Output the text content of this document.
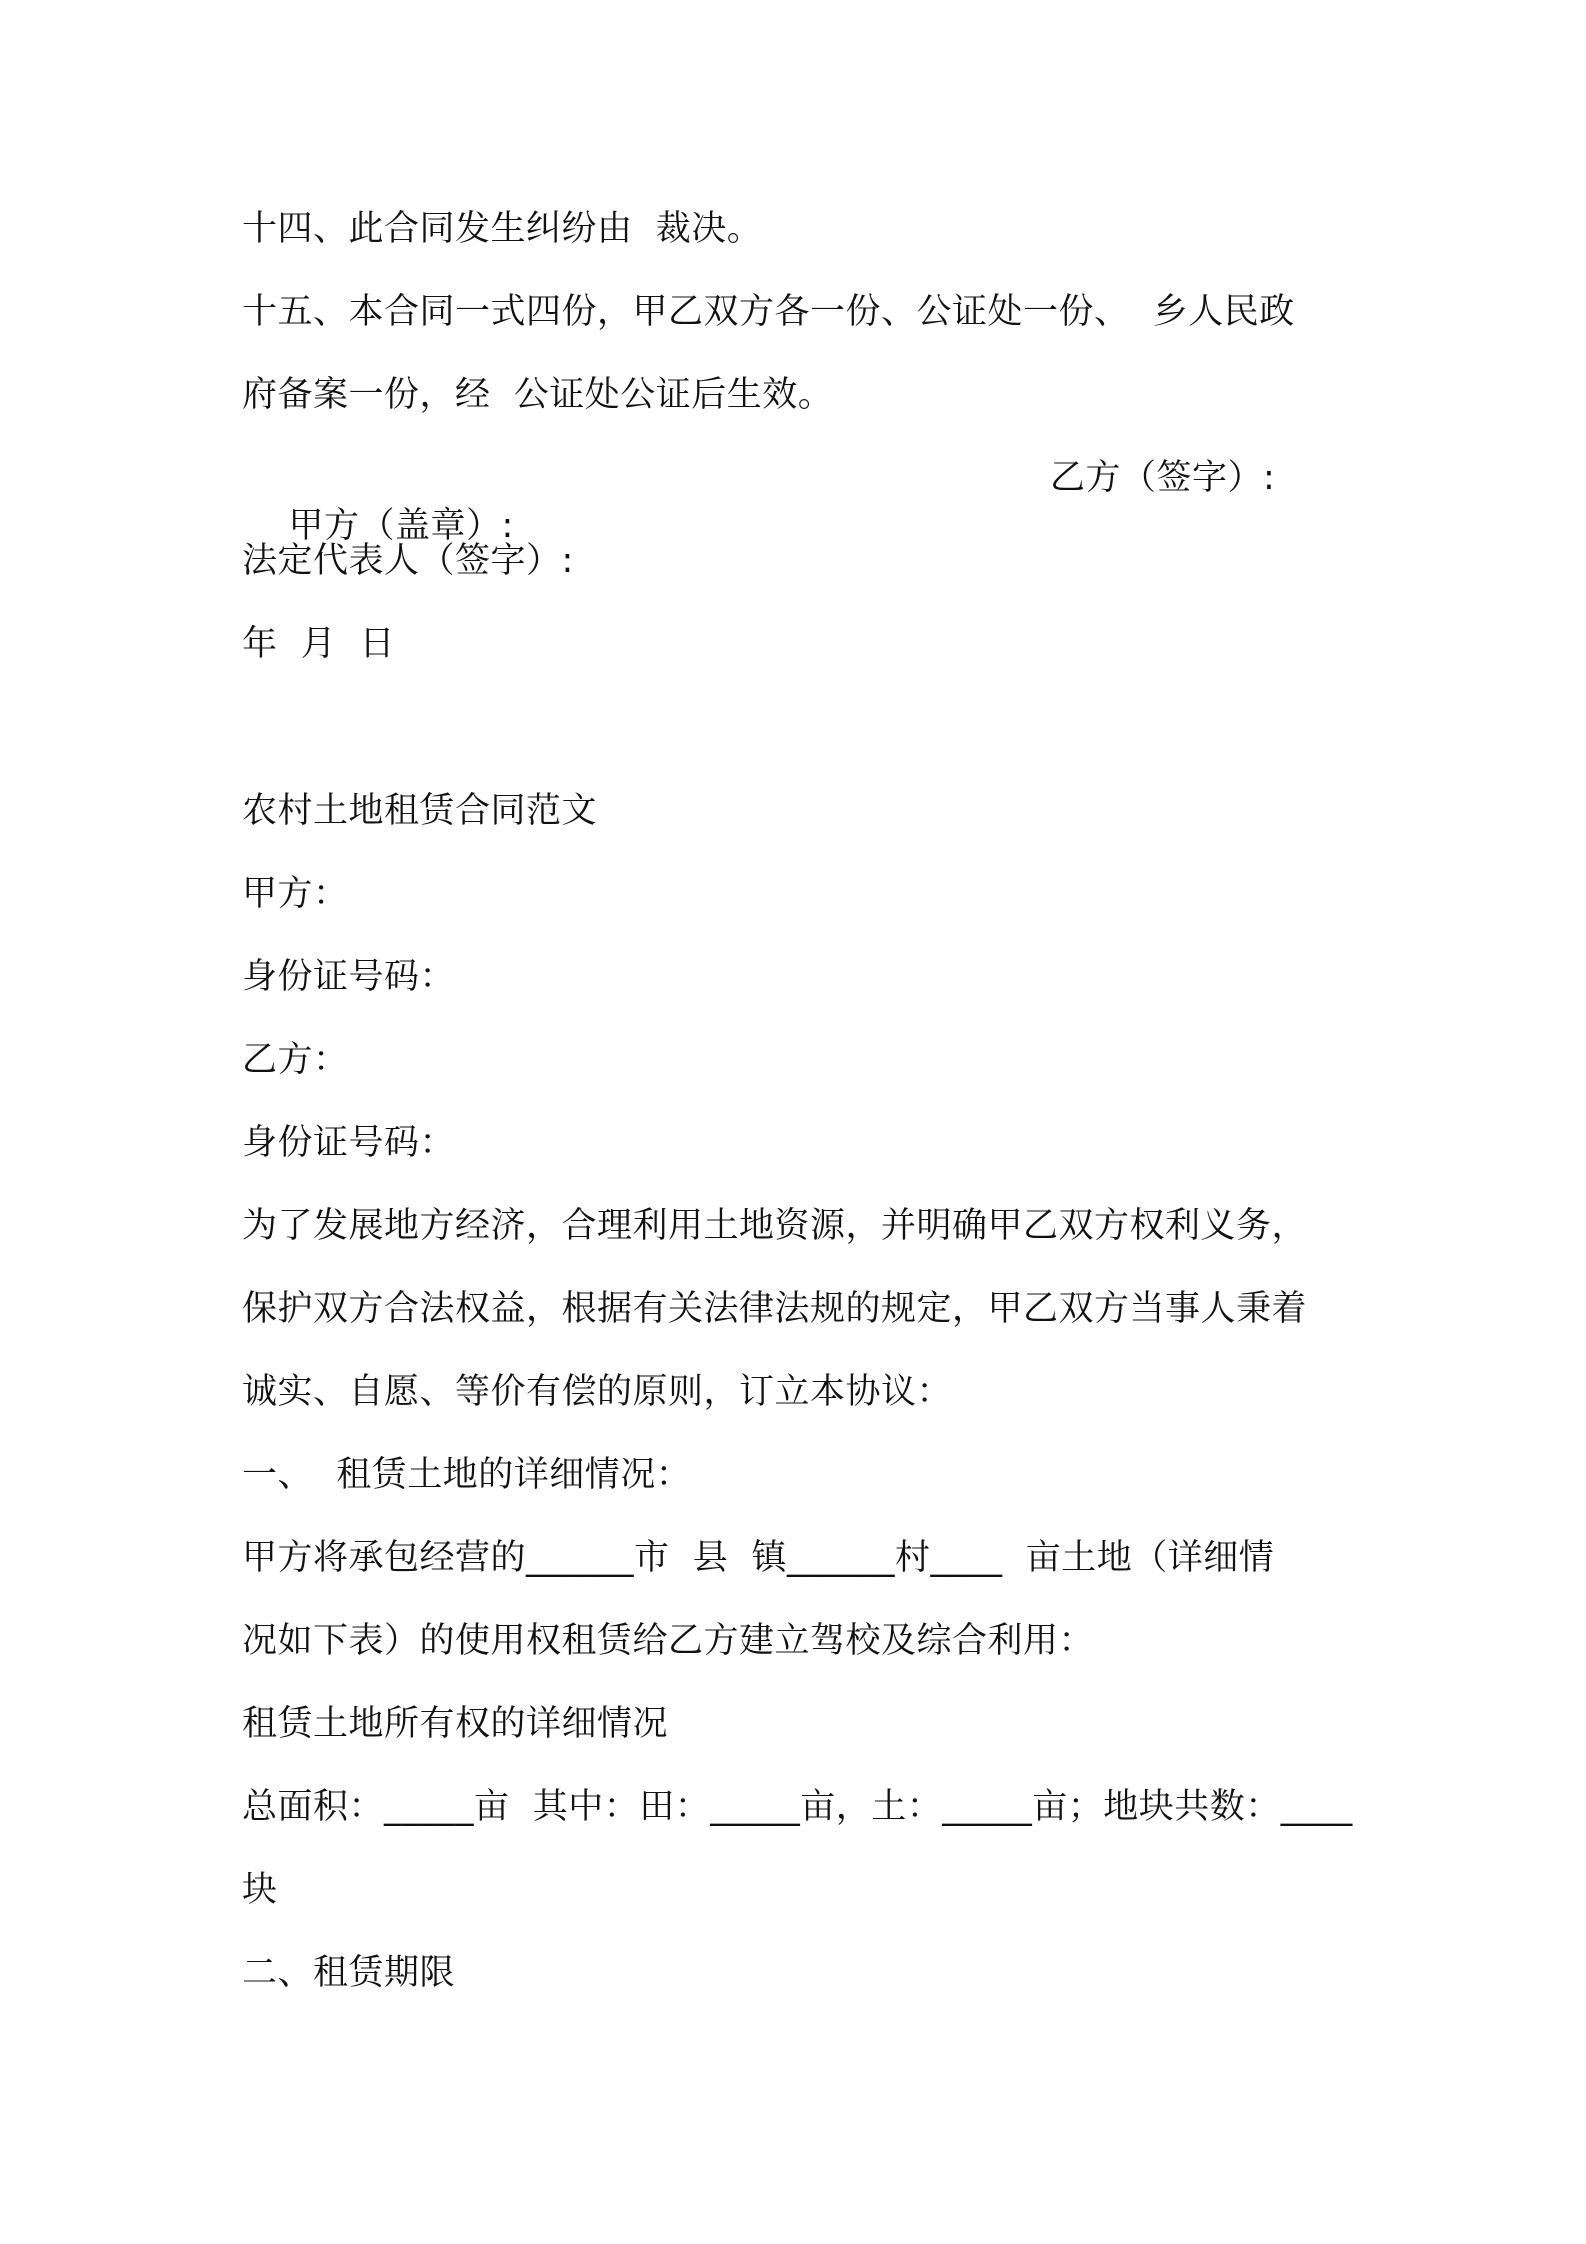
十四、此合同发生纠纷由  裁决。
十五、本合同一式四份，甲乙双方各一份、公证处一份、  乡人民政
府备案一份，经  公证处公证后生效。

甲方（盖章）:

乙方（签字）:

法定代表人（签字）:
年  月  日
农村土地租赁合同范文
甲方：
身份证号码：
乙方：
身份证号码：
为了发展地方经济，合理利用土地资源，并明确甲乙双方权利义务，
保护双方合法权益，根据有关法律法规的规定，甲乙双方当事人秉着
诚实、自愿、等价有偿的原则，订立本协议：
一、  租赁土地的详细情况：
甲方将承包经营的______市  县  镇______村____  亩土地（详细情
况如下表）的使用权租赁给乙方建立驾校及综合利用：
租赁土地所有权的详细情况
总面积：_____亩  其中：田：_____亩，土：_____亩；地块共数：____
块
二、租赁期限
